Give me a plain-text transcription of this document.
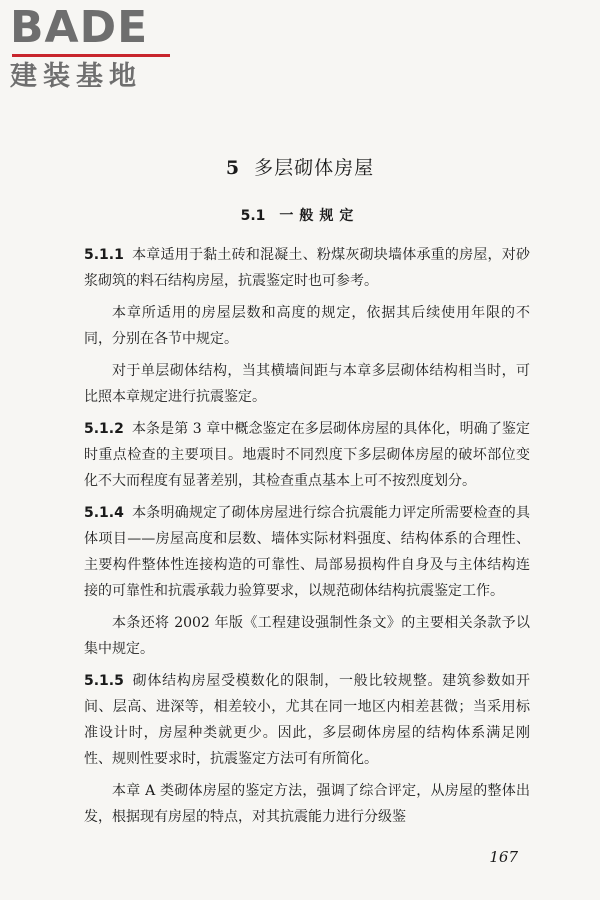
BADE
建装基地
5 多层砌体房屋
5.1 一般规定

5.1.1 本章适用于黏土砖和混凝土、粉煤灰砌块墙体承重的房屋，对砂浆砌筑的料石结构房屋，抗震鉴定时也可参考。

本章所适用的房屋层数和高度的规定，依据其后续使用年限的不同，分别在各节中规定。

对于单层砌体结构，当其横墙间距与本章多层砌体结构相当时，可比照本章规定进行抗震鉴定。

5.1.2 本条是第 3 章中概念鉴定在多层砌体房屋的具体化，明确了鉴定时重点检查的主要项目。地震时不同烈度下多层砌体房屋的破坏部位变化不大而程度有显著差别，其检查重点基本上可不按烈度划分。

5.1.4 本条明确规定了砌体房屋进行综合抗震能力评定所需要检查的具体项目——房屋高度和层数、墙体实际材料强度、结构体系的合理性、主要构件整体性连接构造的可靠性、局部易损构件自身及与主体结构连接的可靠性和抗震承载力验算要求，以规范砌体结构抗震鉴定工作。

本条还将 2002 年版《工程建设强制性条文》的主要相关条款予以集中规定。

5.1.5 砌体结构房屋受模数化的限制，一般比较规整。建筑参数如开间、层高、进深等，相差较小，尤其在同一地区内相差甚微；当采用标准设计时，房屋种类就更少。因此，多层砌体房屋的结构体系满足刚性、规则性要求时，抗震鉴定方法可有所简化。

本章 A 类砌体房屋的鉴定方法，强调了综合评定，从房屋的整体出发，根据现有房屋的特点，对其抗震能力进行分级鉴

167
